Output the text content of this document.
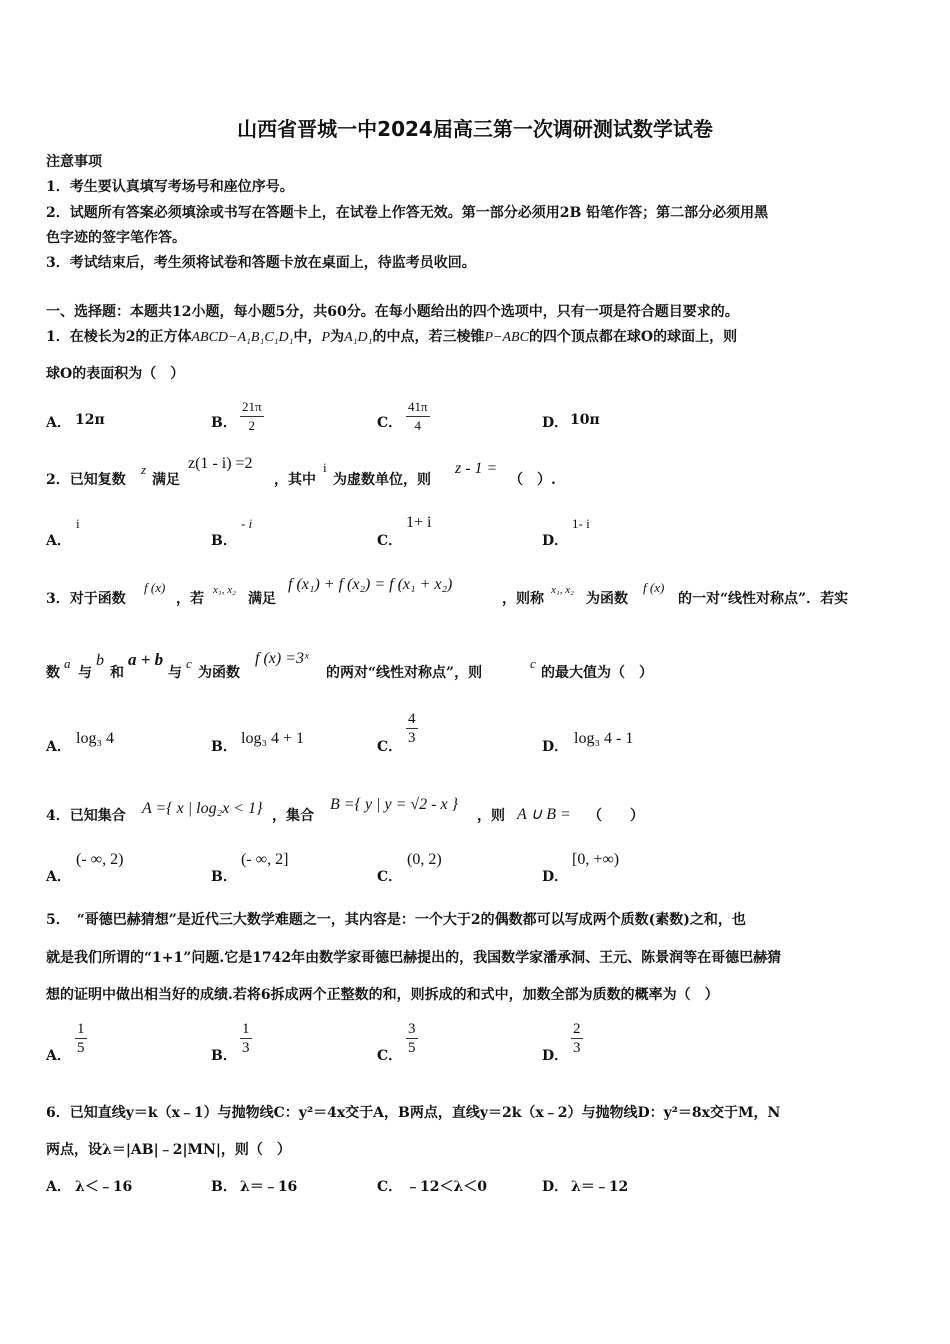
山西省晋城一中2024届高三第一次调研测试数学试卷
注意事项
1．考生要认真填写考场号和座位序号。
2．试题所有答案必须填涂或书写在答题卡上，在试卷上作答无效。第一部分必须用2B 铅笔作答；第二部分必须用黑
色字迹的签字笔作答。
3．考试结束后，考生须将试卷和答题卡放在桌面上，待监考员收回。
一、选择题：本题共12小题，每小题5分，共60分。在每小题给出的四个选项中，只有一项是符合题目要求的。
1．在棱长为2的正方体ABCD−A₁B₁C₁D₁中，P为A₁D₁的中点，若三棱锥P−ABC的四个顶点都在球O的球面上，则
球O的表面积为（　）
A． 12π	B． $\frac{21\pi}{2}$	C． $\frac{41\pi}{4}$	D． 10π
2．已知复数
z
满足
z(1 - i) =2
，其中
i
为虚数单位，则
z - 1 =
（　）.
A．
i
B．
- i
C．
1+ i
D．
1- i
3．对于函数
f (x)
，若
x₁, x₂
满足
f (x₁) + f (x₂) = f (x₁ + x₂)
，则称
x₁, x₂
为函数
f (x)
的一对“线性对称点”．若实
数
a
与
b
和
a + b
与
c
为函数
f (x) =3ˣ
的两对“线性对称点”，则
c
的最大值为（　）
A． log₃ 4	B． log₃ 4 + 1	C． $\frac{4}{3}$	D． log₃ 4 - 1
4．已知集合 A ={ x | log₂x < 1} ，集合
B ={ y | y = √2 - x }
，则 A ∪ B = （　　）
A．
(- ∞, 2)
B．
(- ∞, 2]
C．
(0, 2)
D．
[0, +∞)
5．　“哥德巴赫猜想”是近代三大数学难题之一，其内容是：一个大于2的偶数都可以写成两个质数(素数)之和，也
就是我们所谓的“1+1”问题.它是1742年由数学家哥德巴赫提出的，我国数学家潘承洞、王元、陈景润等在哥德巴赫猜
想的证明中做出相当好的成绩.若将6拆成两个正整数的和，则拆成的和式中，加数全部为质数的概率为（　）
A． $\frac{1}{5}$	B． $\frac{1}{3}$	C． $\frac{3}{5}$	D． $\frac{2}{3}$
6．已知直线y＝k（x﹣1）与抛物线C：y²＝4x交于A，B两点，直线y＝2k（x﹣2）与抛物线D：y²＝8x交于M，N
两点，设λ＝|AB|﹣2|MN|，则（　）
A． λ＜﹣16	B． λ＝﹣16	C． ﹣12＜λ＜0	D． λ＝﹣12
